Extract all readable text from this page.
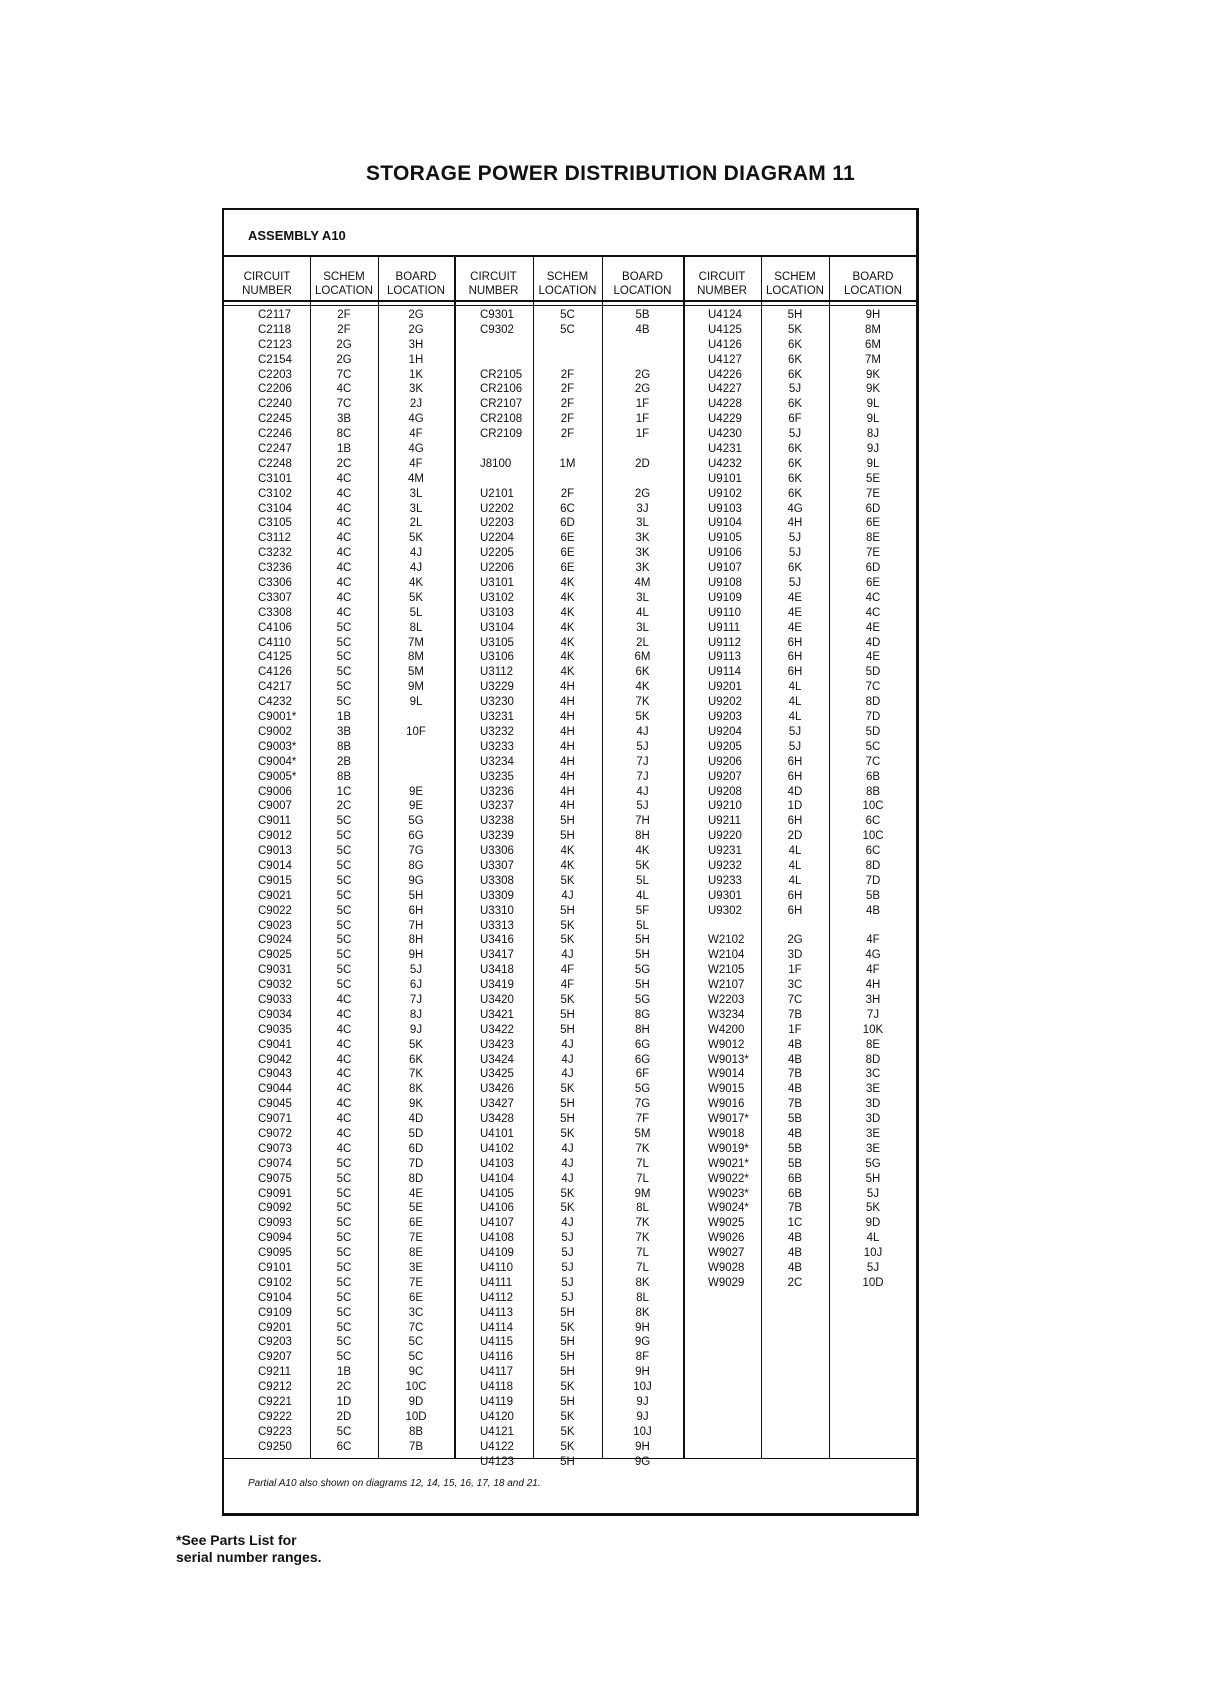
STORAGE POWER DISTRIBUTION DIAGRAM 11
ASSEMBLY A10
CIRCUIT
NUMBER
SCHEM
LOCATION
BOARD
LOCATION
CIRCUIT
NUMBER
SCHEM
LOCATION
BOARD
LOCATION
CIRCUIT
NUMBER
SCHEM
LOCATION
BOARD
LOCATION
C2117
C2118
C2123
C2154
C2203
C2206
C2240
C2245
C2246
C2247
C2248
C3101
C3102
C3104
C3105
C3112
C3232
C3236
C3306
C3307
C3308
C4106
C4110
C4125
C4126
C4217
C4232
C9001*
C9002
C9003*
C9004*
C9005*
C9006
C9007
C9011
C9012
C9013
C9014
C9015
C9021
C9022
C9023
C9024
C9025
C9031
C9032
C9033
C9034
C9035
C9041
C9042
C9043
C9044
C9045
C9071
C9072
C9073
C9074
C9075
C9091
C9092
C9093
C9094
C9095
C9101
C9102
C9104
C9109
C9201
C9203
C9207
C9211
C9212
C9221
C9222
C9223
C9250
2F
2F
2G
2G
7C
4C
7C
3B
8C
1B
2C
4C
4C
4C
4C
4C
4C
4C
4C
4C
4C
5C
5C
5C
5C
5C
5C
1B
3B
8B
2B
8B
1C
2C
5C
5C
5C
5C
5C
5C
5C
5C
5C
5C
5C
5C
4C
4C
4C
4C
4C
4C
4C
4C
4C
4C
4C
5C
5C
5C
5C
5C
5C
5C
5C
5C
5C
5C
5C
5C
5C
1B
2C
1D
2D
5C
6C
2G
2G
3H
1H
1K
3K
2J
4G
4F
4G
4F
4M
3L
3L
2L
5K
4J
4J
4K
5K
5L
8L
7M
8M
5M
9M
9L
10F
9E
9E
5G
6G
7G
8G
9G
5H
6H
7H
8H
9H
5J
6J
7J
8J
9J
5K
6K
7K
8K
9K
4D
5D
6D
7D
8D
4E
5E
6E
7E
8E
3E
7E
6E
3C
7C
5C
5C
9C
10C
9D
10D
8B
7B
C9301
C9302
CR2105
CR2106
CR2107
CR2108
CR2109
J8100
U2101
U2202
U2203
U2204
U2205
U2206
U3101
U3102
U3103
U3104
U3105
U3106
U3112
U3229
U3230
U3231
U3232
U3233
U3234
U3235
U3236
U3237
U3238
U3239
U3306
U3307
U3308
U3309
U3310
U3313
U3416
U3417
U3418
U3419
U3420
U3421
U3422
U3423
U3424
U3425
U3426
U3427
U3428
U4101
U4102
U4103
U4104
U4105
U4106
U4107
U4108
U4109
U4110
U4111
U4112
U4113
U4114
U4115
U4116
U4117
U4118
U4119
U4120
U4121
U4122
U4123
5C
5C
2F
2F
2F
2F
2F
1M
2F
6C
6D
6E
6E
6E
4K
4K
4K
4K
4K
4K
4K
4H
4H
4H
4H
4H
4H
4H
4H
4H
5H
5H
4K
4K
5K
4J
5H
5K
5K
4J
4F
4F
5K
5H
5H
4J
4J
4J
5K
5H
5H
5K
4J
4J
4J
5K
5K
4J
5J
5J
5J
5J
5J
5H
5K
5H
5H
5H
5K
5H
5K
5K
5K
5H
5B
4B
2G
2G
1F
1F
1F
2D
2G
3J
3L
3K
3K
3K
4M
3L
4L
3L
2L
6M
6K
4K
7K
5K
4J
5J
7J
7J
4J
5J
7H
8H
4K
5K
5L
4L
5F
5L
5H
5H
5G
5H
5G
8G
8H
6G
6G
6F
5G
7G
7F
5M
7K
7L
7L
9M
8L
7K
7K
7L
7L
8K
8L
8K
9H
9G
8F
9H
10J
9J
9J
10J
9H
9G
U4124
U4125
U4126
U4127
U4226
U4227
U4228
U4229
U4230
U4231
U4232
U9101
U9102
U9103
U9104
U9105
U9106
U9107
U9108
U9109
U9110
U9111
U9112
U9113
U9114
U9201
U9202
U9203
U9204
U9205
U9206
U9207
U9208
U9210
U9211
U9220
U9231
U9232
U9233
U9301
U9302
W2102
W2104
W2105
W2107
W2203
W3234
W4200
W9012
W9013*
W9014
W9015
W9016
W9017*
W9018
W9019*
W9021*
W9022*
W9023*
W9024*
W9025
W9026
W9027
W9028
W9029
5H
5K
6K
6K
6K
5J
6K
6F
5J
6K
6K
6K
6K
4G
4H
5J
5J
6K
5J
4E
4E
4E
6H
6H
6H
4L
4L
4L
5J
5J
6H
6H
4D
1D
6H
2D
4L
4L
4L
6H
6H
2G
3D
1F
3C
7C
7B
1F
4B
4B
7B
4B
7B
5B
4B
5B
5B
6B
6B
7B
1C
4B
4B
4B
2C
9H
8M
6M
7M
9K
9K
9L
9L
8J
9J
9L
5E
7E
6D
6E
8E
7E
6D
6E
4C
4C
4E
4D
4E
5D
7C
8D
7D
5D
5C
7C
6B
8B
10C
6C
10C
6C
8D
7D
5B
4B
4F
4G
4F
4H
3H
7J
10K
8E
8D
3C
3E
3D
3D
3E
3E
5G
5H
5J
5K
9D
4L
10J
5J
10D
Partial A10 also shown on diagrams 12, 14, 15, 16, 17, 18 and 21.
*See Parts List for
serial number ranges.
